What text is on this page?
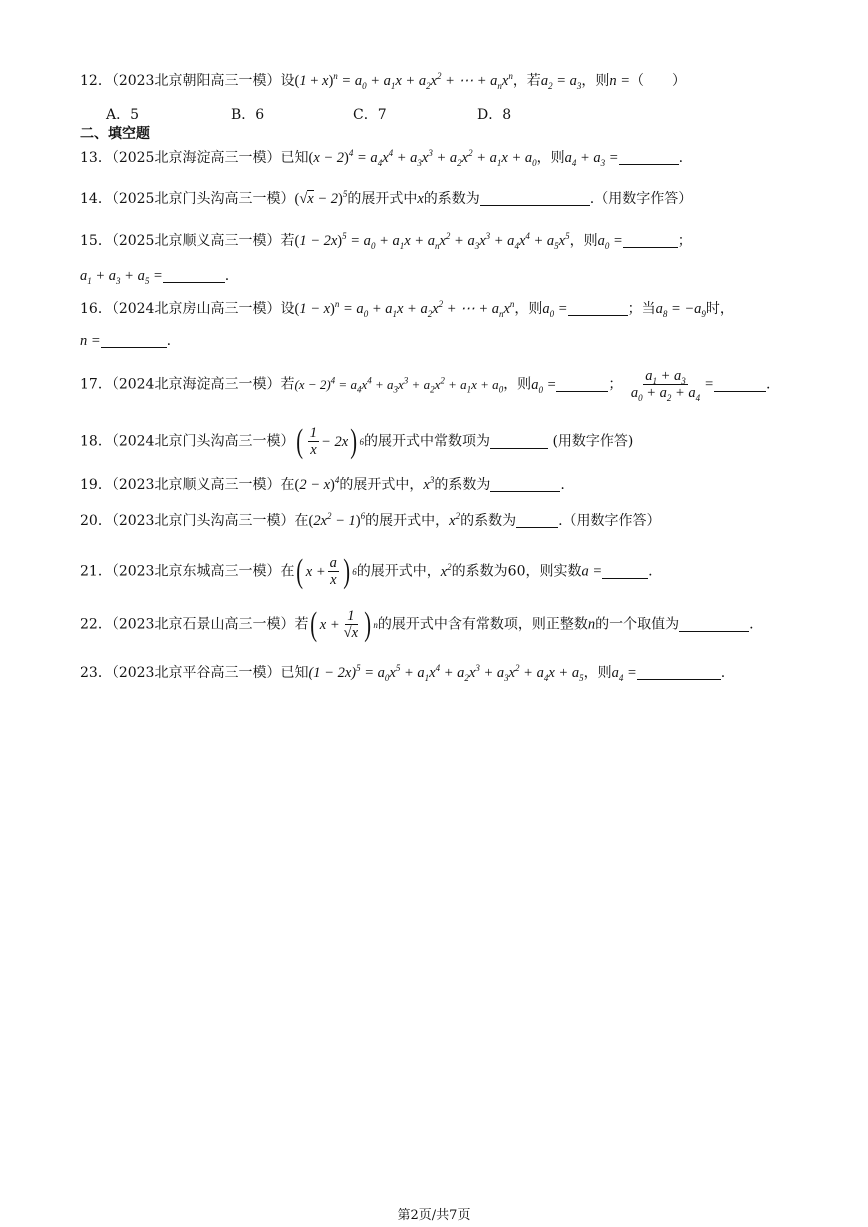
12．（2023北京朝阳高三一模）设$(1 + x)^n = a_0 + a_1x + a_2x^2$ + ⋯ + $a_nx^n$，若$a_2 = a_3$，则n =（　　）
A．5	B．6	C．7	D．8
二、填空题
13．（2025北京海淀高三一模）已知$(x - 2)^4 = a_4x^4 + a_3x^3 + a_2x^2 + a_1x + a_0$，则$a_4 + a_3$ =	.
14．（2025北京门头沟高三一模）$(√x - 2)^5$的展开式中x的系数为	.（用数字作答）
15．（2025北京顺义高三一模）若$(1 - 2x)^5 = a_0 + a_1x + a_nx^2 + a_3x^3 + a_4x^4 + a_5x^5$，则$a_0$ =	；
$a_1 + a_3 + a_5$ =	.
16．（2024北京房山高三一模）设$(1 - x)^n = a_0 + a_1x + a_2x^2$ + ⋯ + $a_nx^n$，则$a_0$ =	；当$a_8 = -a_9$时，
n =	.
17．（2024北京海淀高三一模）若$(x - 2)^4 = a_4x^4 + a_3x^3 + a_2x^2 + a_1x + a_0$，则$a_0$ =	； $\frac{a_1 + a_3}{a_0 + a_2 + a_4}$ =	.
18．（2024北京门头沟高三一模） ( $\frac{1}{x} - 2x$ ) 6 的展开式中常数项为	(用数字作答)
19．（2023北京顺义高三一模）在$(2 - x)^4$的展开式中，$x^3$的系数为	.
20．（2023北京门头沟高三一模）在$(2x^2 - 1)^6$的展开式中，$x^2$的系数为	.（用数字作答）
21．（2023北京东城高三一模）在 ( $x + \frac{a}{x}$ ) 6 的展开式中，$x^2$的系数为60，则实数a =	.
22．（2023北京石景山高三一模）若 ( $x + \frac{1}{√x}$ ) n 的展开式中含有常数项，则正整数n的一个取值为	.
23．（2023北京平谷高三一模）已知$(1 - 2x)^5 = a_0x^5 + a_1x^4 + a_2x^3 + a_3x^2 + a_4x + a_5$，则$a_4$ =	.
第2页/共7页
